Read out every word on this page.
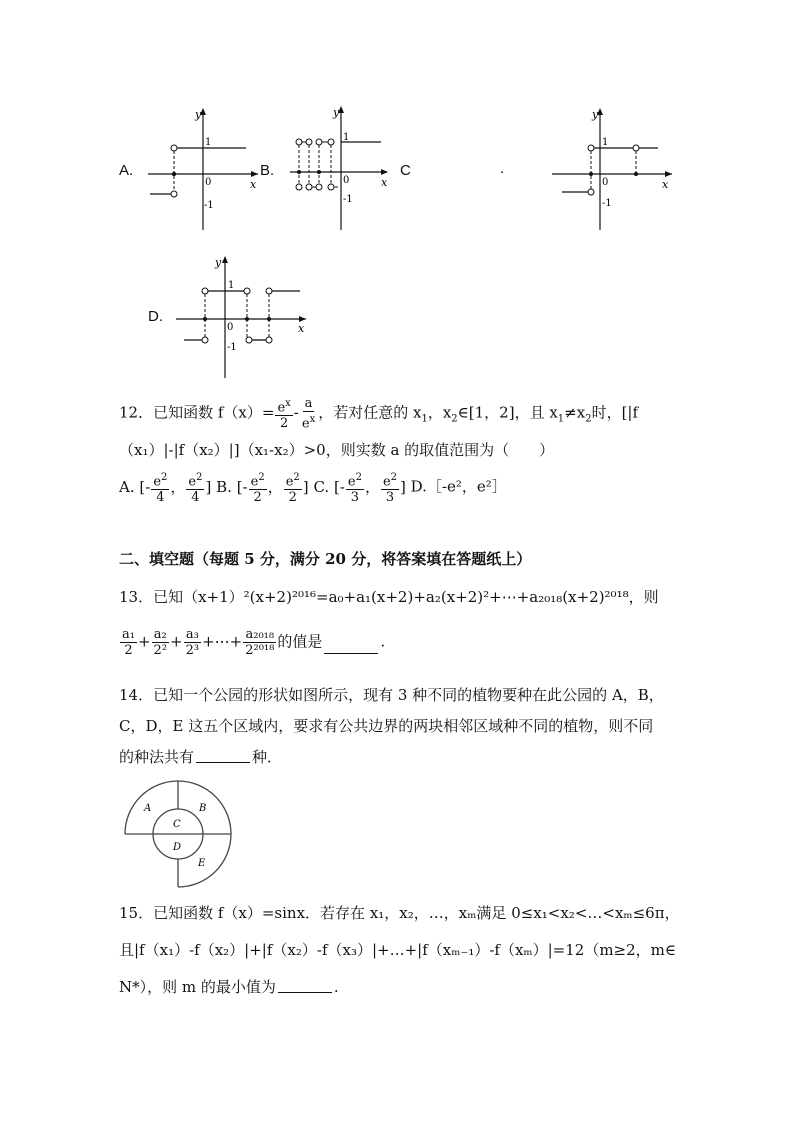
A.
y
x
0
1
-1
B.
y
x
0
1
-1
C	.
y
x
0
1
-1
D.
y
x
0
1
-1
12．已知函数 $f(x)= \frac{e^x}{2} - \frac{a}{e^x}$ ，若对任意的 $x_1$，$x_2\in[1$，2]，且 $x_1\ne x_2$时，[|f
（x₁）|-|f（x₂）|]（x₁-x₂）>0，则实数 a 的取值范围为（　　）
A. [- $\frac{e^2}{4}$ ， $\frac{e^2}{4}$ ] B. [- $\frac{e^2}{2}$ ， $\frac{e^2}{2}$ ] C. [- $\frac{e^2}{3}$ ， $\frac{e^2}{3}$ ] D.［-e²，e²］
二、填空题（每题 5 分，满分 20 分，将答案填在答题纸上）
13．已知（x+1）²(x+2)²⁰¹⁶=a₀+a₁(x+2)+a₂(x+2)²+⋯+a₂₀₁₈(x+2)²⁰¹⁸，则
$\frac{\text{a₁}}{2} + \frac{\text{a₂}}{\text{2²}} + \frac{\text{a₃}}{\text{2³}}$ +⋯+ $\frac{\text{a₂₀₁₈}}{\text{2²⁰¹⁸}}$ 的值是	.
14．已知一个公园的形状如图所示，现有 3 种不同的植物要种在此公园的 A，B，
C，D，E 这五个区域内，要求有公共边界的两块相邻区域种不同的植物，则不同
的种法共有	种．
A	B
C
D
E
15．已知函数 f（x）=sinx．若存在 x₁，x₂，…，xₘ满足 0≤x₁<x₂<…<xₘ≤6π，
且|f（x₁）-f（x₂）|+|f（x₂）-f（x₃）|+…+|f（xₘ₋₁）-f（xₘ）|=12（m≥2，m∈
N*），则 m 的最小值为	.
